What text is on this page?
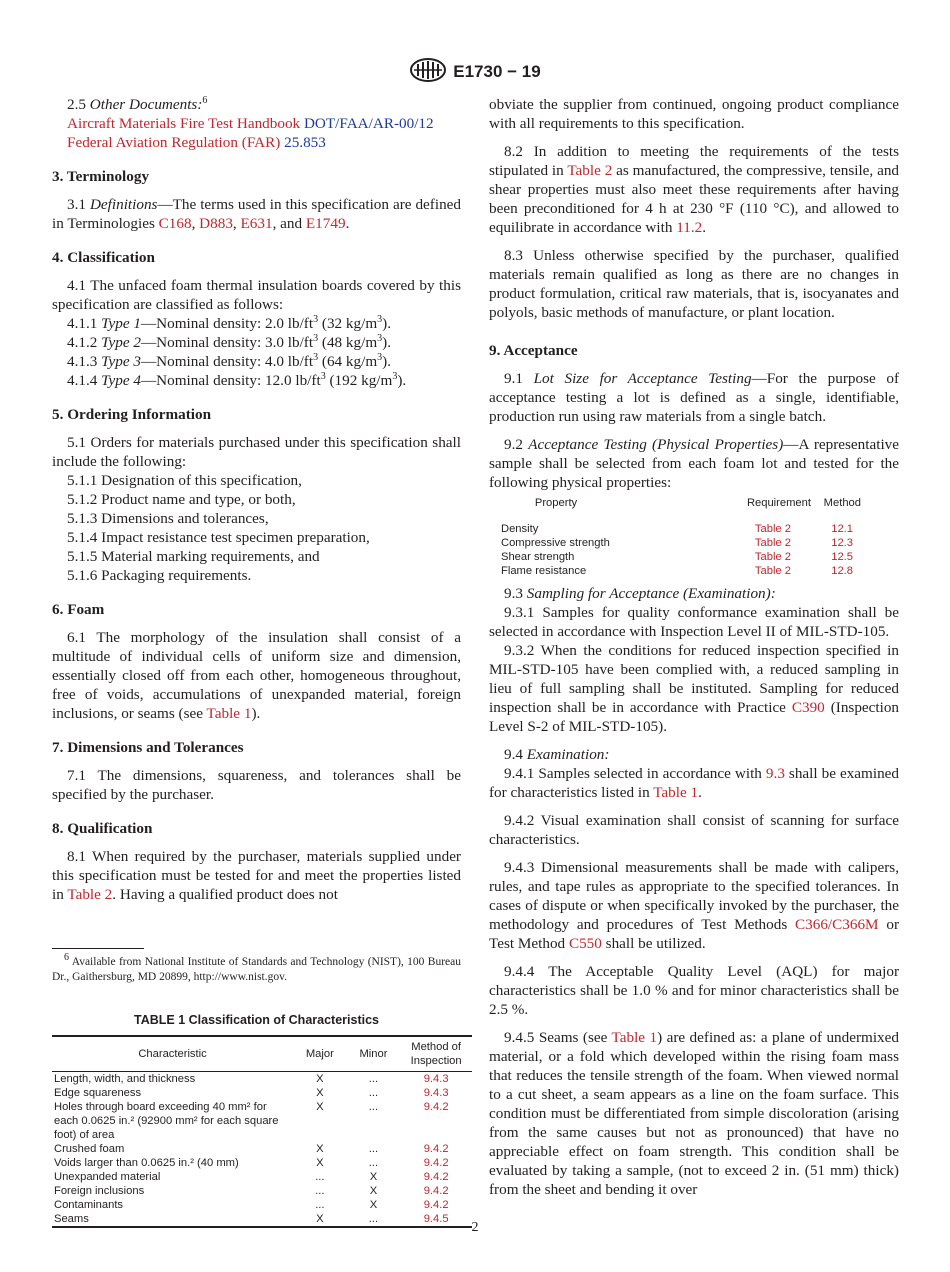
E1730 − 19

2.5 Other Documents:$^6$

Aircraft Materials Fire Test Handbook DOT/FAA/AR-00/12

Federal Aviation Regulation (FAR) 25.853

3. Terminology

3.1 Definitions—The terms used in this specification are defined in Terminologies C168, D883, E631, and E1749.

4. Classification

4.1 The unfaced foam thermal insulation boards covered by this specification are classified as follows:

4.1.1 Type 1—Nominal density: 2.0 $lb/ft^3$ (32 $kg/m^3$).

4.1.2 Type 2—Nominal density: 3.0 $lb/ft^3$ (48 $kg/m^3$).

4.1.3 Type 3—Nominal density: 4.0 $lb/ft^3$ (64 $kg/m^3$).

4.1.4 Type 4—Nominal density: 12.0 $lb/ft^3$ (192 $kg/m^3$).

5. Ordering Information

5.1 Orders for materials purchased under this specification shall include the following:

5.1.1 Designation of this specification,

5.1.2 Product name and type, or both,

5.1.3 Dimensions and tolerances,

5.1.4 Impact resistance test specimen preparation,

5.1.5 Material marking requirements, and

5.1.6 Packaging requirements.

6. Foam

6.1 The morphology of the insulation shall consist of a multitude of individual cells of uniform size and dimension, essentially closed off from each other, homogeneous throughout, free of voids, accumulations of unexpanded material, foreign inclusions, or seams (see Table 1).

7. Dimensions and Tolerances

7.1 The dimensions, squareness, and tolerances shall be specified by the purchaser.

8. Qualification

8.1 When required by the purchaser, materials supplied under this specification must be tested for and meet the properties listed in Table 2. Having a qualified product does not

$^6$ Available from National Institute of Standards and Technology (NIST), 100 Bureau Dr., Gaithersburg, MD 20899, http://www.nist.gov.

TABLE 1 Classification of Characteristics
Characteristic	Major	Minor	Method of Inspection
Length, width, and thickness	X	...	9.4.3
Edge squareness	X	...	9.4.3
Holes through board exceeding 40 mm² for each 0.0625 in.² (92900 mm² for each square foot) of area	X	...	9.4.2
Crushed foam	X	...	9.4.2
Voids larger than 0.0625 in.² (40 mm)	X	...	9.4.2
Unexpanded material	...	X	9.4.2
Foreign inclusions	...	X	9.4.2
Contaminants	...	X	9.4.2
Seams	X	...	9.4.5

obviate the supplier from continued, ongoing product compliance with all requirements to this specification.

8.2 In addition to meeting the requirements of the tests stipulated in Table 2 as manufactured, the compressive, tensile, and shear properties must also meet these requirements after having been preconditioned for 4 h at 230 °F (110 °C), and allowed to equilibrate in accordance with 11.2.

8.3 Unless otherwise specified by the purchaser, qualified materials remain qualified as long as there are no changes in product formulation, critical raw materials, that is, isocyanates and polyols, basic methods of manufacture, or plant location.

9. Acceptance

9.1 Lot Size for Acceptance Testing—For the purpose of acceptance testing a lot is defined as a single, identifiable, production run using raw materials from a single batch.

9.2 Acceptance Testing (Physical Properties)—A representative sample shall be selected from each foam lot and tested for the following physical properties:

Property	Requirement	Method
Density	Table 2	12.1
Compressive strength	Table 2	12.3
Shear strength	Table 2	12.5
Flame resistance	Table 2	12.8

9.3 Sampling for Acceptance (Examination):

9.3.1 Samples for quality conformance examination shall be selected in accordance with Inspection Level II of MIL-STD-105.

9.3.2 When the conditions for reduced inspection specified in MIL-STD-105 have been complied with, a reduced sampling in lieu of full sampling shall be instituted. Sampling for reduced inspection shall be in accordance with Practice C390 (Inspection Level S-2 of MIL-STD-105).

9.4 Examination:

9.4.1 Samples selected in accordance with 9.3 shall be examined for characteristics listed in Table 1.

9.4.2 Visual examination shall consist of scanning for surface characteristics.

9.4.3 Dimensional measurements shall be made with calipers, rules, and tape rules as appropriate to the specified tolerances. In cases of dispute or when specifically invoked by the purchaser, the methodology and procedures of Test Methods C366/C366M or Test Method C550 shall be utilized.

9.4.4 The Acceptable Quality Level (AQL) for major characteristics shall be 1.0 % and for minor characteristics shall be 2.5 %.

9.4.5 Seams (see Table 1) are defined as: a plane of undermixed material, or a fold which developed within the rising foam mass that reduces the tensile strength of the foam. When viewed normal to a cut sheet, a seam appears as a line on the foam surface. This condition must be differentiated from simple discoloration (arising from the same causes but not as pronounced) that have no appreciable effect on foam strength. This condition shall be evaluated by taking a sample, (not to exceed 2 in. (51 mm) thick) from the sheet and bending it over

2
